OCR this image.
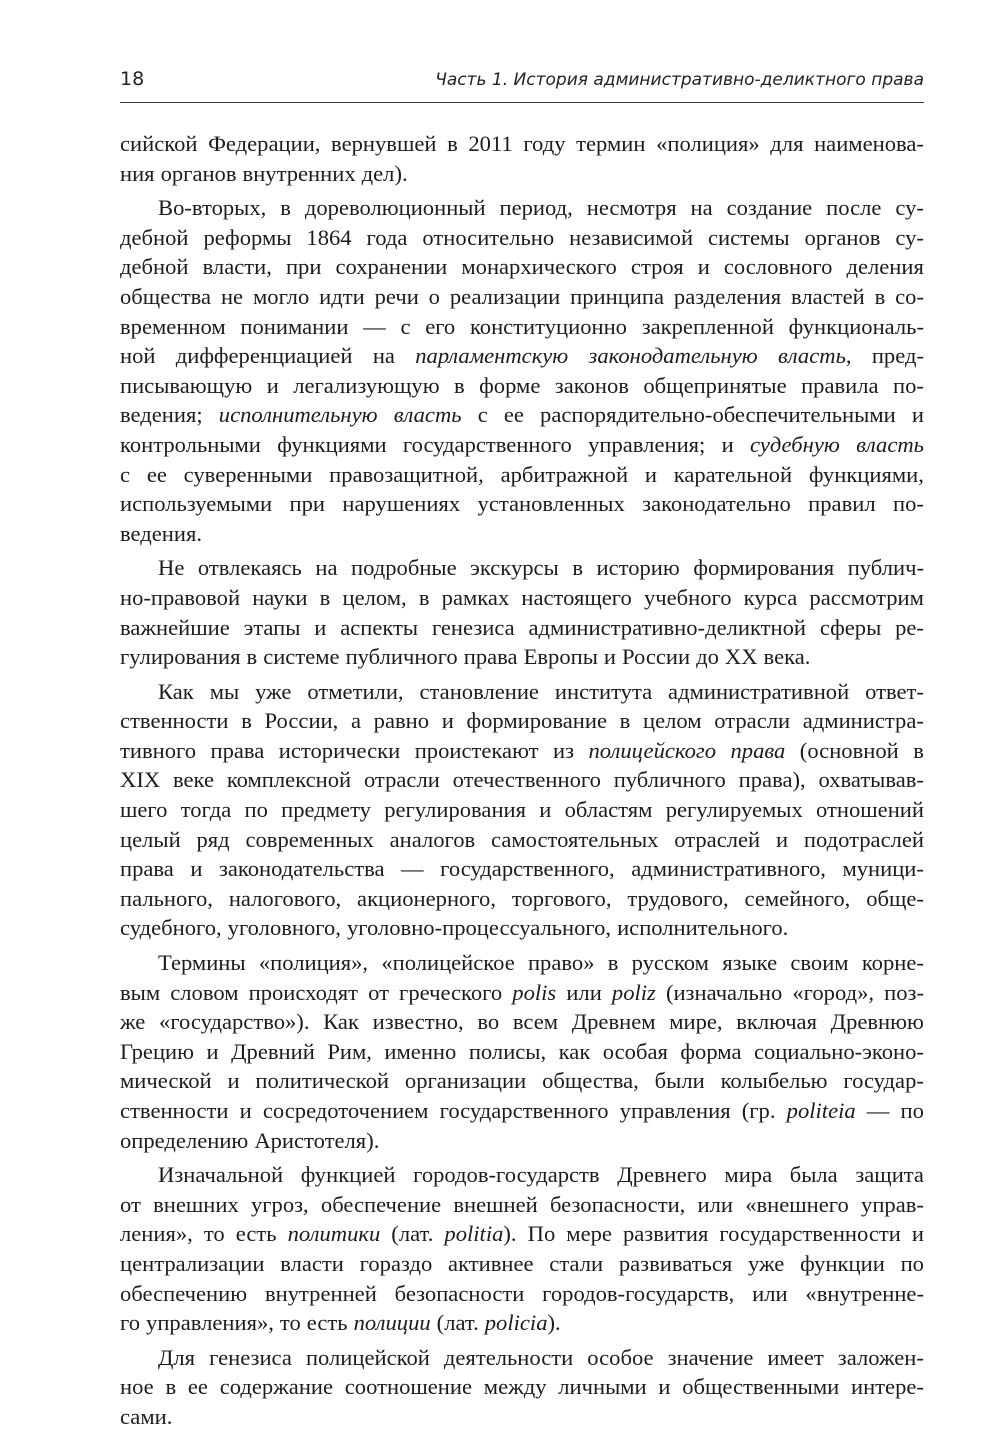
18	Часть 1. История административно-деликтного права
сийской Федерации, вернувшей в 2011 году термин «полиция» для наименова-
ния органов внутренних дел).
Во-вторых, в дореволюционный период, несмотря на создание после су-
дебной реформы 1864 года относительно независимой системы органов су-
дебной власти, при сохранении монархического строя и сословного деления
общества не могло идти речи о реализации принципа разделения властей в со-
временном понимании — с его конституционно закрепленной функциональ-
ной дифференциацией на парламентскую законодательную власть, пред-
писывающую и легализующую в форме законов общепринятые правила по-
ведения; исполнительную власть с ее распорядительно-обеспечительными и
контрольными функциями государственного управления; и судебную власть
с ее суверенными правозащитной, арбитражной и карательной функциями,
используемыми при нарушениях установленных законодательно правил по-
ведения.
Не отвлекаясь на подробные экскурсы в историю формирования публич-
но-правовой науки в целом, в рамках настоящего учебного курса рассмотрим
важнейшие этапы и аспекты генезиса административно-деликтной сферы ре-
гулирования в системе публичного права Европы и России до XX века.
Как мы уже отметили, становление института административной ответ-
ственности в России, а равно и формирование в целом отрасли администра-
тивного права исторически проистекают из полицейского права (основной в
XIX веке комплексной отрасли отечественного публичного права), охватывав-
шего тогда по предмету регулирования и областям регулируемых отношений
целый ряд современных аналогов самостоятельных отраслей и подотраслей
права и законодательства — государственного, административного, муници-
пального, налогового, акционерного, торгового, трудового, семейного, обще-
судебного, уголовного, уголовно-процессуального, исполнительного.
Термины «полиция», «полицейское право» в русском языке своим корне-
вым словом происходят от греческого polis или poliz (изначально «город», поз-
же «государство»). Как известно, во всем Древнем мире, включая Древнюю
Грецию и Древний Рим, именно полисы, как особая форма социально-эконо-
мической и политической организации общества, были колыбелью государ-
ственности и сосредоточением государственного управления (гр. politeia — по
определению Аристотеля).
Изначальной функцией городов-государств Древнего мира была защита
от внешних угроз, обеспечение внешней безопасности, или «внешнего управ-
ления», то есть политики (лат. politia). По мере развития государственности и
централизации власти гораздо активнее стали развиваться уже функции по
обеспечению внутренней безопасности городов-государств, или «внутренне-
го управления», то есть полиции (лат. policia).
Для генезиса полицейской деятельности особое значение имеет заложен-
ное в ее содержание соотношение между личными и общественными интере-
сами.
